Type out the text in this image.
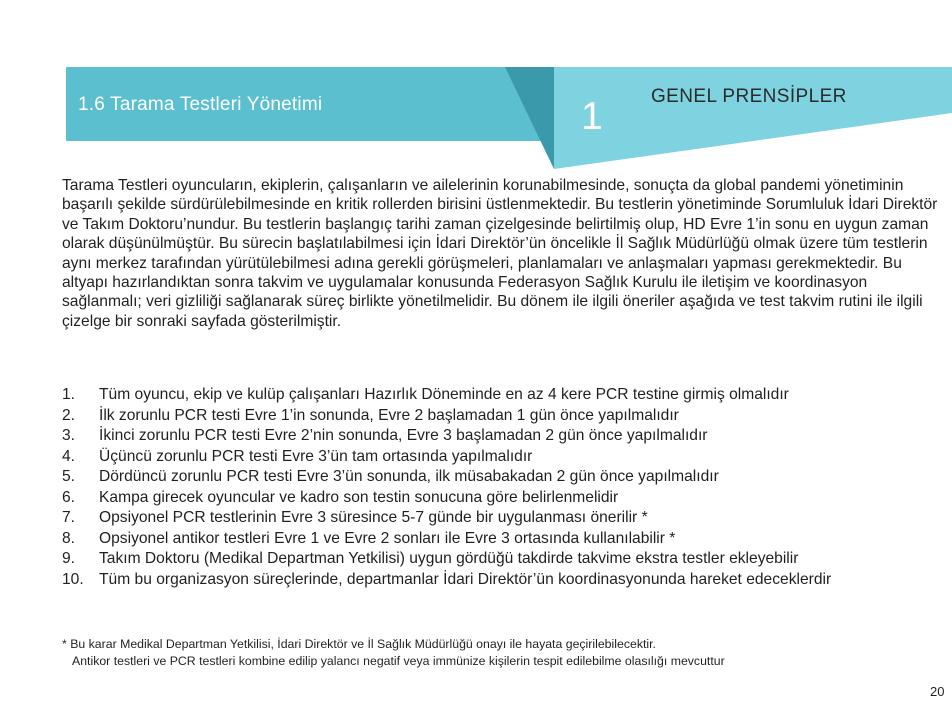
1.6 Tarama Testleri Yönetimi	1	GENEL PRENSİPLER

Tarama Testleri oyuncuların, ekiplerin, çalışanların ve ailelerinin korunabilmesinde, sonuçta da global pandemi yönetiminin başarılı şekilde sürdürülebilmesinde en kritik rollerden birisini üstlenmektedir. Bu testlerin yönetiminde Sorumluluk İdari Direktör ve Takım Doktoru’nundur. Bu testlerin başlangıç tarihi zaman çizelgesinde belirtilmiş olup, HD Evre 1’in sonu en uygun zaman olarak düşünülmüştür. Bu sürecin başlatılabilmesi için İdari Direktör’ün öncelikle İl Sağlık Müdürlüğü olmak üzere tüm testlerin aynı merkez tarafından yürütülebilmesi adına gerekli görüşmeleri, planlamaları ve anlaşmaları yapması gerekmektedir. Bu altyapı hazırlandıktan sonra takvim ve uygulamalar konusunda Federasyon Sağlık Kurulu ile iletişim ve koordinasyon sağlanmalı; veri gizliliği sağlanarak süreç birlikte yönetilmelidir. Bu dönem ile ilgili öneriler aşağıda ve test takvim rutini ile ilgili çizelge bir sonraki sayfada gösterilmiştir.

1.	Tüm oyuncu, ekip ve kulüp çalışanları Hazırlık Döneminde en az 4 kere PCR testine girmiş olmalıdır
2.	İlk zorunlu PCR testi Evre 1’in sonunda, Evre 2 başlamadan 1 gün önce yapılmalıdır
3.	İkinci zorunlu PCR testi Evre 2’nin sonunda, Evre 3 başlamadan 2 gün önce yapılmalıdır
4.	Üçüncü zorunlu PCR testi Evre 3’ün tam ortasında yapılmalıdır
5.	Dördüncü zorunlu PCR testi Evre 3’ün sonunda, ilk müsabakadan 2 gün önce yapılmalıdır
6.	Kampa girecek oyuncular ve kadro son testin sonucuna göre belirlenmelidir
7.	Opsiyonel PCR testlerinin Evre 3 süresince 5-7 günde bir uygulanması önerilir *
8.	Opsiyonel antikor testleri Evre 1 ve Evre 2 sonları ile Evre 3 ortasında kullanılabilir *
9.	Takım Doktoru (Medikal Departman Yetkilisi) uygun gördüğü takdirde takvime ekstra testler ekleyebilir
10. Tüm bu organizasyon süreçlerinde, departmanlar İdari Direktör’ün koordinasyonunda hareket edeceklerdir
* Bu karar Medikal Departman Yetkilisi, İdari Direktör ve İl Sağlık Müdürlüğü onayı ile hayata geçirilebilecektir.
Antikor testleri ve PCR testleri kombine edilip yalancı negatif veya immünize kişilerin tespit edilebilme olasılığı mevcuttur
20
